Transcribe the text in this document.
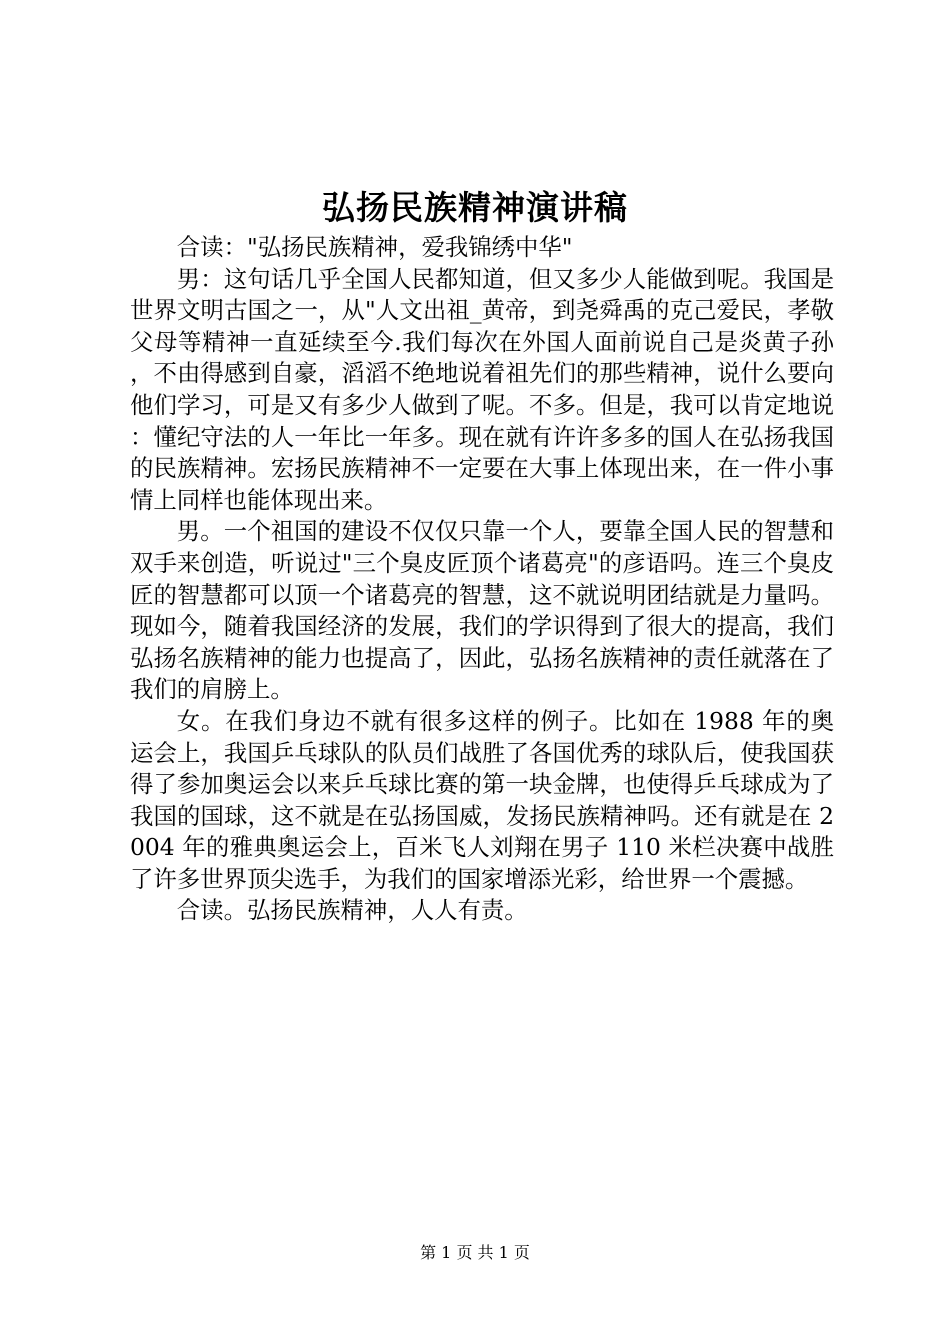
弘扬民族精神演讲稿

合读："弘扬民族精神，爱我锦绣中华"

男：这句话几乎全国人民都知道，但又多少人能做到呢。我国是世界文明古国之一，从"人文出祖_黄帝，到尧舜禹的克己爱民，孝敬父母等精神一直延续至今.我们每次在外国人面前说自己是炎黄子孙，不由得感到自豪，滔滔不绝地说着祖先们的那些精神，说什么要向他们学习，可是又有多少人做到了呢。不多。但是，我可以肯定地说：懂纪守法的人一年比一年多。现在就有许许多多的国人在弘扬我国的民族精神。宏扬民族精神不一定要在大事上体现出来，在一件小事情上同样也能体现出来。

男。一个祖国的建设不仅仅只靠一个人，要靠全国人民的智慧和双手来创造，听说过"三个臭皮匠顶个诸葛亮"的彦语吗。连三个臭皮匠的智慧都可以顶一个诸葛亮的智慧，这不就说明团结就是力量吗。现如今，随着我国经济的发展，我们的学识得到了很大的提高，我们弘扬名族精神的能力也提高了，因此，弘扬名族精神的责任就落在了我们的肩膀上。

女。在我们身边不就有很多这样的例子。比如在 1988 年的奥运会上，我国乒乓球队的队员们战胜了各国优秀的球队后，使我国获得了参加奥运会以来乒乓球比赛的第一块金牌，也使得乒乓球成为了我国的国球，这不就是在弘扬国威，发扬民族精神吗。还有就是在 2004 年的雅典奥运会上，百米飞人刘翔在男子 110 米栏决赛中战胜了许多世界顶尖选手，为我们的国家增添光彩，给世界一个震撼。

合读。弘扬民族精神，人人有责。

第 1 页 共 1 页
